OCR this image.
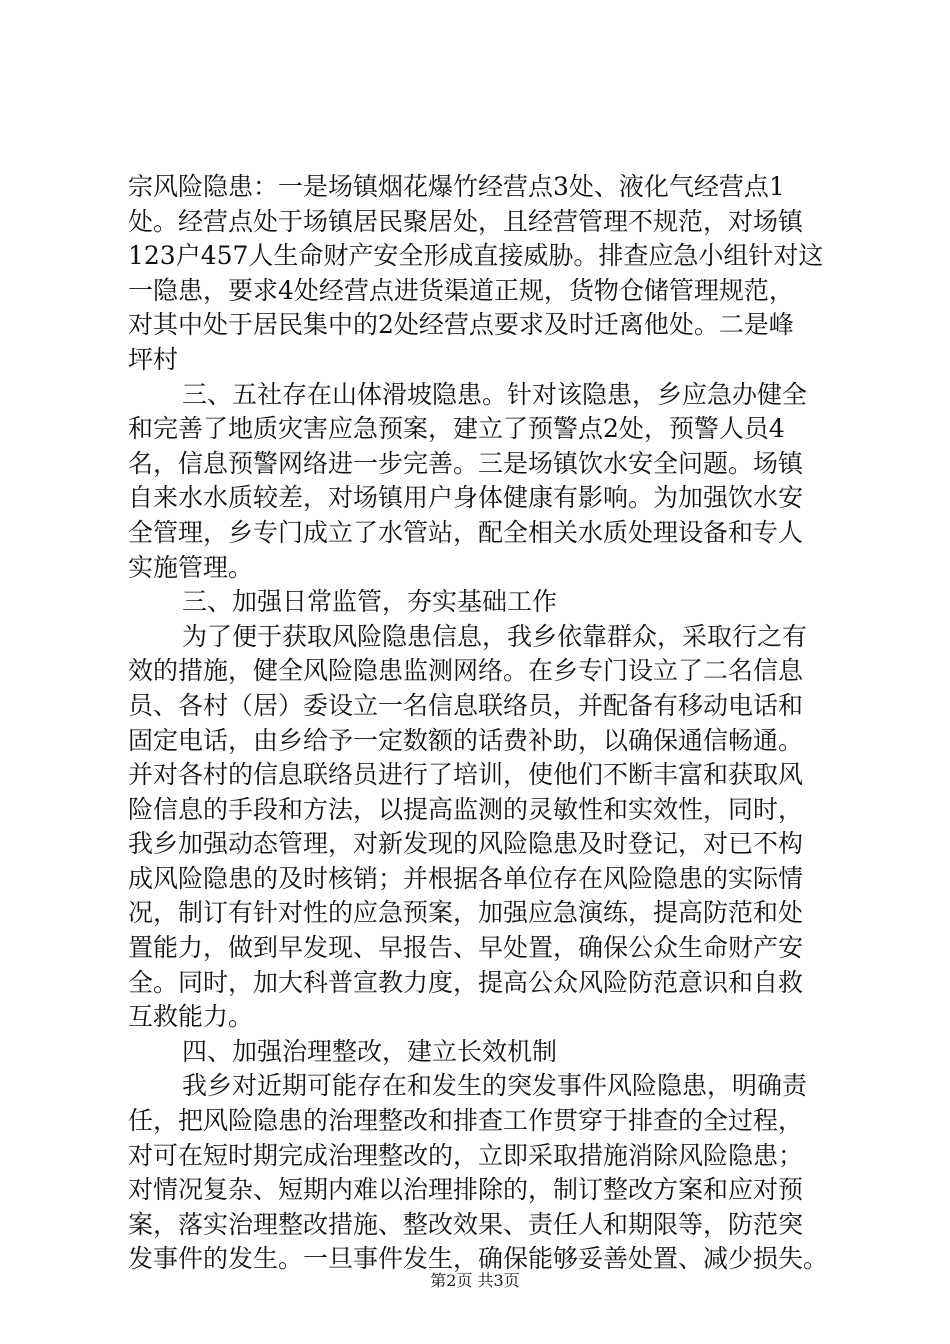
宗风险隐患：一是场镇烟花爆竹经营点3处、液化气经营点1
处。经营点处于场镇居民聚居处，且经营管理不规范，对场镇
123户457人生命财产安全形成直接威胁。排查应急小组针对这
一隐患，要求4处经营点进货渠道正规，货物仓储管理规范，
对其中处于居民集中的2处经营点要求及时迁离他处。二是峰
坪村
三、五社存在山体滑坡隐患。针对该隐患，乡应急办健全
和完善了地质灾害应急预案，建立了预警点2处，预警人员4
名，信息预警网络进一步完善。三是场镇饮水安全问题。场镇
自来水水质较差，对场镇用户身体健康有影响。为加强饮水安
全管理，乡专门成立了水管站，配全相关水质处理设备和专人
实施管理。
三、加强日常监管，夯实基础工作
为了便于获取风险隐患信息，我乡依靠群众，采取行之有
效的措施，健全风险隐患监测网络。在乡专门设立了二名信息
员、各村（居）委设立一名信息联络员，并配备有移动电话和
固定电话，由乡给予一定数额的话费补助，以确保通信畅通。
并对各村的信息联络员进行了培训，使他们不断丰富和获取风
险信息的手段和方法，以提高监测的灵敏性和实效性，同时，
我乡加强动态管理，对新发现的风险隐患及时登记，对已不构
成风险隐患的及时核销；并根据各单位存在风险隐患的实际情
况，制订有针对性的应急预案，加强应急演练，提高防范和处
置能力，做到早发现、早报告、早处置，确保公众生命财产安
全。同时，加大科普宣教力度，提高公众风险防范意识和自救
互救能力。
四、加强治理整改，建立长效机制
我乡对近期可能存在和发生的突发事件风险隐患，明确责
任，把风险隐患的治理整改和排查工作贯穿于排查的全过程，
对可在短时期完成治理整改的，立即采取措施消除风险隐患；
对情况复杂、短期内难以治理排除的，制订整改方案和应对预
案，落实治理整改措施、整改效果、责任人和期限等，防范突
发事件的发生。一旦事件发生，确保能够妥善处置、减少损失。
第2页 共3页
